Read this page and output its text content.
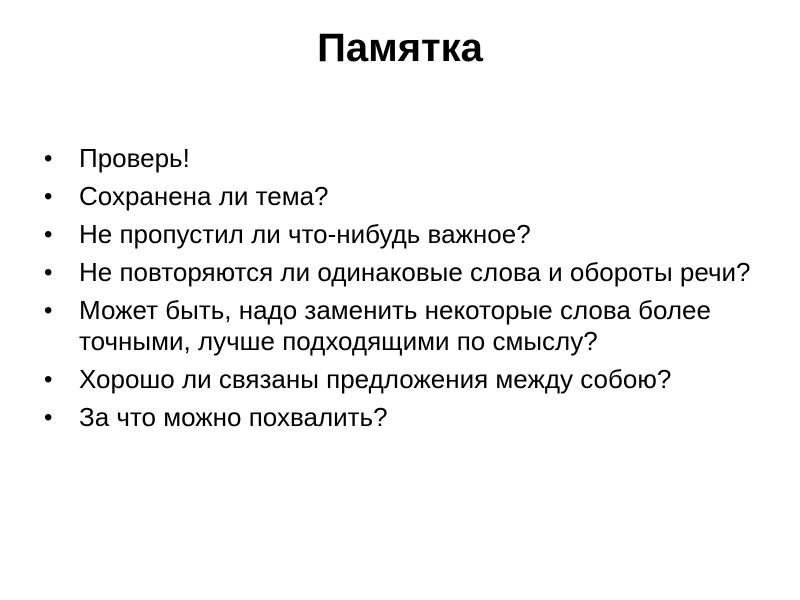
Памятка
• Проверь!
• Сохранена ли тема?
• Не пропустил ли что-нибудь важное?
• Не повторяются ли одинаковые слова и обороты речи?
• Может быть, надо заменить некоторые слова более точными, лучше подходящими по смыслу?
• Хорошо ли связаны предложения между собою?
• За что можно похвалить?
